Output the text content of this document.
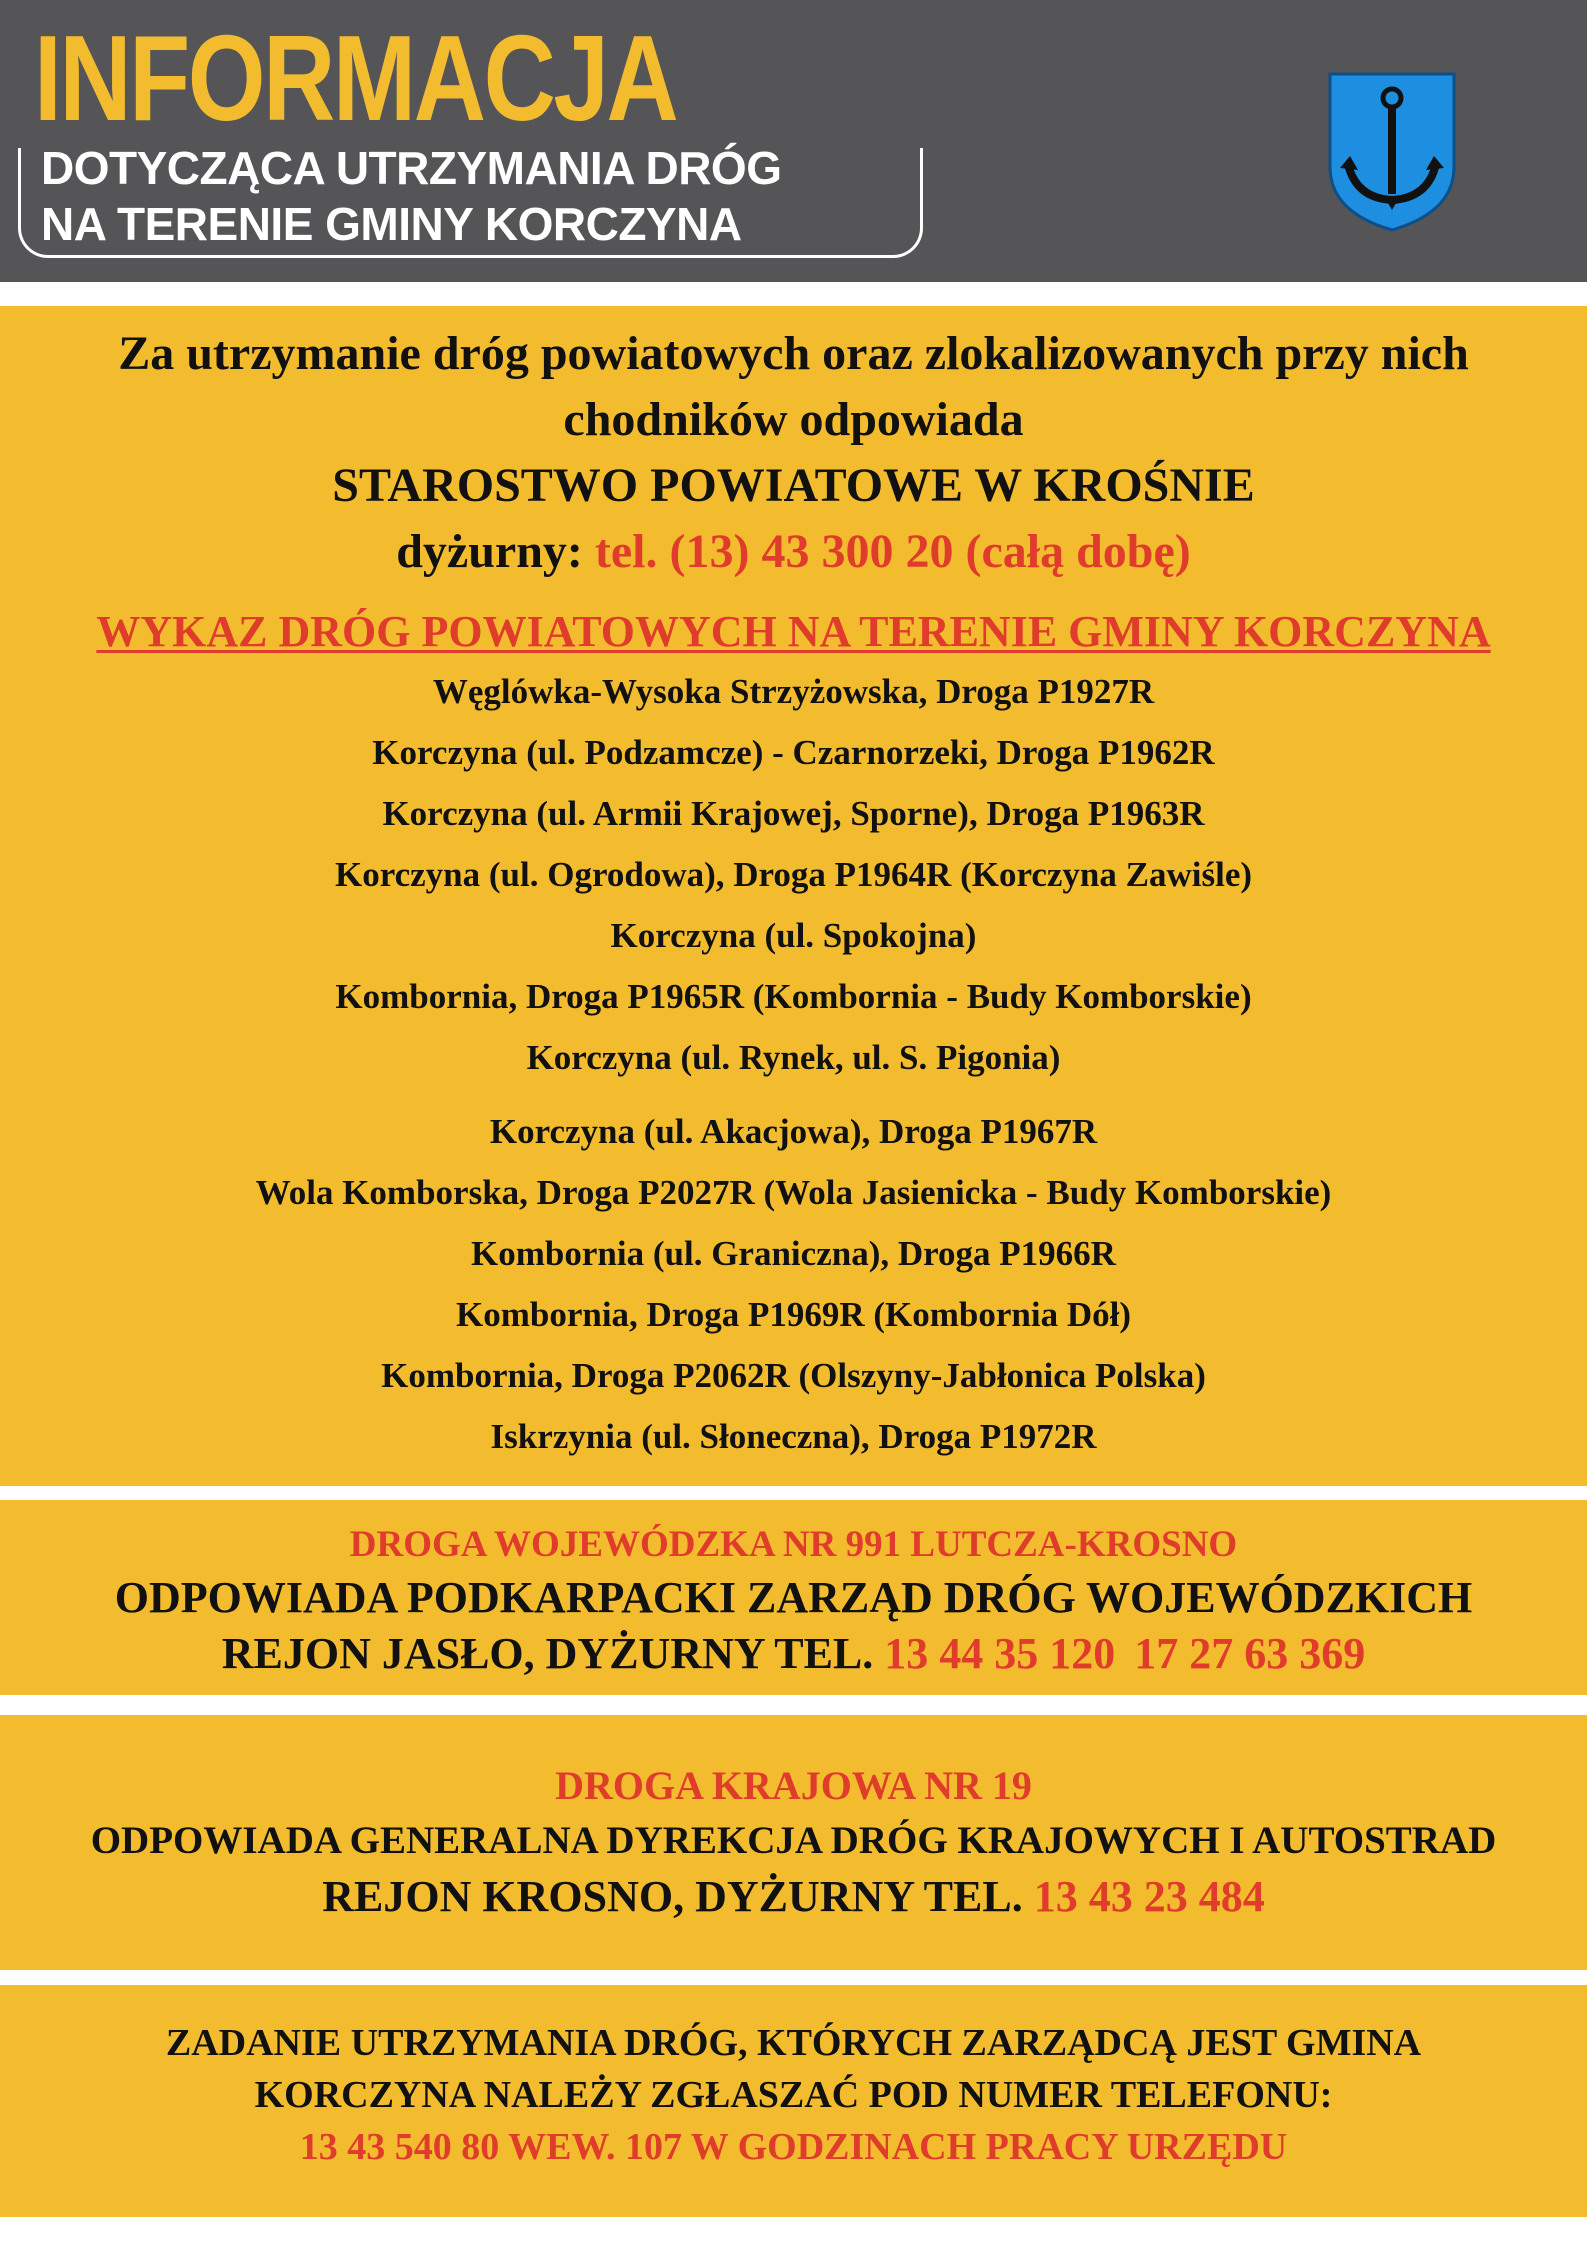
INFORMACJA
DOTYCZĄCA UTRZYMANIA DRÓG
NA TERENIE GMINY KORCZYNA
Za utrzymanie dróg powiatowych oraz zlokalizowanych przy nich
chodników odpowiada
STAROSTWO POWIATOWE W KROŚNIE
dyżurny: tel. (13) 43 300 20 (całą dobę)
WYKAZ DRÓG POWIATOWYCH NA TERENIE GMINY KORCZYNA
Węglówka-Wysoka Strzyżowska, Droga P1927R
Korczyna (ul. Podzamcze) - Czarnorzeki, Droga P1962R
Korczyna (ul. Armii Krajowej, Sporne), Droga P1963R
Korczyna (ul. Ogrodowa), Droga P1964R (Korczyna Zawiśle)
Korczyna (ul. Spokojna)
Kombornia, Droga P1965R (Kombornia - Budy Komborskie)
Korczyna (ul. Rynek, ul. S. Pigonia)
Korczyna (ul. Akacjowa), Droga P1967R
Wola Komborska, Droga P2027R (Wola Jasienicka - Budy Komborskie)
Kombornia (ul. Graniczna), Droga P1966R
Kombornia, Droga P1969R (Kombornia Dół)
Kombornia, Droga P2062R (Olszyny-Jabłonica Polska)
Iskrzynia (ul. Słoneczna), Droga P1972R
DROGA WOJEWÓDZKA NR 991 LUTCZA-KROSNO
ODPOWIADA PODKARPACKI ZARZĄD DRÓG WOJEWÓDZKICH
REJON JASŁO, DYŻURNY TEL. 13 44 35 120 17 27 63 369
DROGA KRAJOWA NR 19
ODPOWIADA GENERALNA DYREKCJA DRÓG KRAJOWYCH I AUTOSTRAD
REJON KROSNO, DYŻURNY TEL. 13 43 23 484
ZADANIE UTRZYMANIA DRÓG, KTÓRYCH ZARZĄDCĄ JEST GMINA
KORCZYNA NALEŻY ZGŁASZAĆ POD NUMER TELEFONU:
13 43 540 80 WEW. 107 W GODZINACH PRACY URZĘDU
